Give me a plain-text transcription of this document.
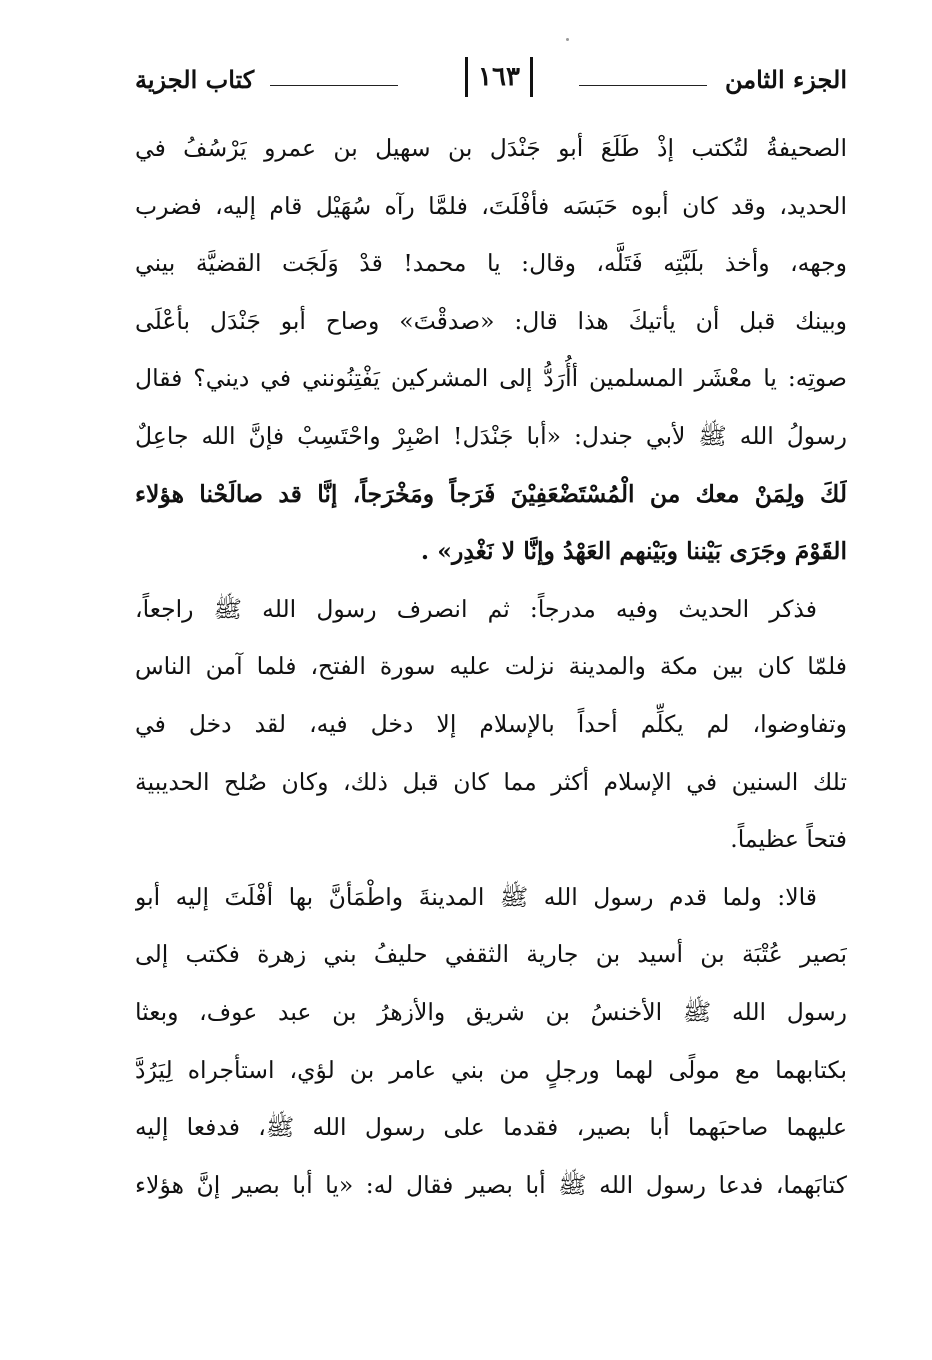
الجزء الثامن
١٦٣
كتاب الجزية
الصحيفةُ لتُكتب إذْ طَلَعَ أبو جَنْدَل بن سهيل بن عمرو يَرْسُفُ في
الحديد، وقد كان أبوه حَبَسَه فأفْلَتَ، فلمَّا رآه سُهَيْل قام إليه، فضرب
وجهه، وأخذ بلَبَّتِه فَتَلَّه، وقال: يا محمد! قدْ وَلَجَت القضيَّة بيني
وبينك قبل أن يأتيكَ هذا قال: «صدقْتَ» وصاح أبو جَنْدَل بأعْلَى
صوتِه: يا معْشَر المسلمين أأُرَدُّ إلى المشركين يَفْتِنُونني في ديني؟ فقال
رسولُ الله ﷺ لأبي جندل: «أبا جَنْدَل! اصْبِرْ واحْتَسِبْ فإنَّ الله جاعِلٌ
لَكَ ولِمَنْ معك من الْمُسْتَضْعَفِيْنَ فَرَجاً ومَخْرَجاً، إنَّا قد صالَحْنا هؤلاء
القَوْمَ وجَرَى بَيْننا وبَيْنهم العَهْدُ وإنَّا لا نَغْدِر» .
فذكر الحديث وفيه مدرجاً: ثم انصرف رسول الله ﷺ راجعاً،
فلمّا كان بين مكة والمدينة نزلت عليه سورة الفتح، فلما آمن الناس
وتفاوضوا، لم يكلِّم أحداً بالإسلام إلا دخل فيه، لقد دخل في
تلك السنين في الإسلام أكثر مما كان قبل ذلك، وكان صُلح الحديبية
فتحاً عظيماً.
قالا: ولما قدم رسول الله ﷺ المدينةَ واطْمَأنَّ بها أفْلَتَ إليه أبو
بَصير عُتْبَة بن أسيد بن جارية الثقفي حليفُ بني زهرة فكتب إلى
رسول الله ﷺ الأخنسُ بن شريق والأزهرُ بن عبد عوف، وبعثا
بكتابهما مع مولًى لهما ورجلٍ من بني عامر بن لؤي، استأجراه لِيَرُدَّ
عليهما صاحبَهما أبا بصير، فقدما على رسول الله ﷺ، فدفعا إليه
كتابَهما، فدعا رسول الله ﷺ أبا بصير فقال له: «يا أبا بصير إنَّ هؤلاء
